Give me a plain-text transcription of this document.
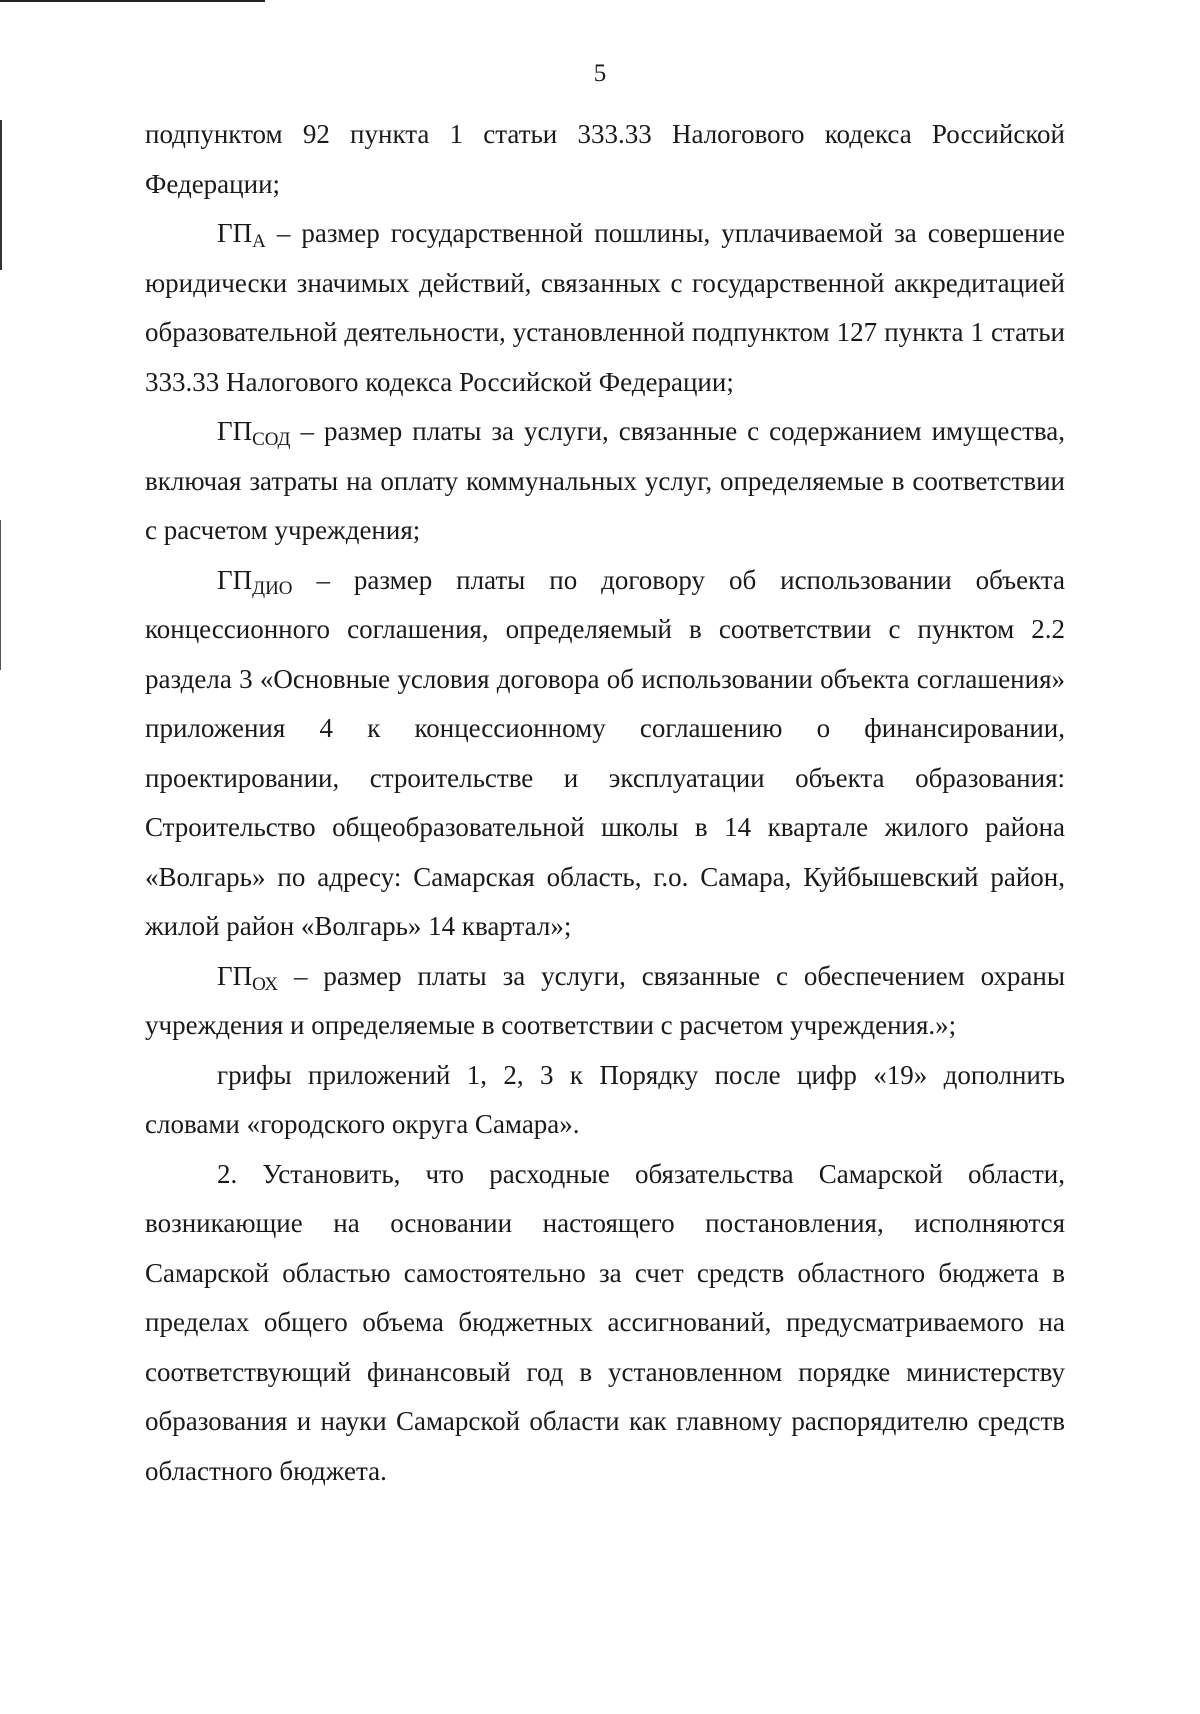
5

подпунктом 92 пункта 1 статьи 333.33 Налогового кодекса Российской Федерации;

$ГП_А$ – размер государственной пошлины, уплачиваемой за совершение юридически значимых действий, связанных с государственной аккредитацией образовательной деятельности, установленной подпунктом 127 пункта 1 статьи 333.33 Налогового кодекса Российской Федерации;

$ГП_{СОД}$ – размер платы за услуги, связанные с содержанием имущества, включая затраты на оплату коммунальных услуг, определяемые в соответствии с расчетом учреждения;

$ГП_{ДИО}$ – размер платы по договору об использовании объекта концессионного соглашения, определяемый в соответствии с пунктом 2.2 раздела 3 «Основные условия договора об использовании объекта соглашения» приложения 4 к концессионному соглашению о финансировании, проектировании, строительстве и эксплуатации объекта образования: Строительство общеобразовательной школы в 14 квартале жилого района «Волгарь» по адресу: Самарская область, г.о. Самара, Куйбышевский район, жилой район «Волгарь» 14 квартал»;

$ГП_{ОХ}$ – размер платы за услуги, связанные с обеспечением охраны учреждения и определяемые в соответствии с расчетом учреждения.»;

грифы приложений 1, 2, 3 к Порядку после цифр «19» дополнить словами «городского округа Самара».

2. Установить, что расходные обязательства Самарской области, возникающие на основании настоящего постановления, исполняются Самарской областью самостоятельно за счет средств областного бюджета в пределах общего объема бюджетных ассигнований, предусматриваемого на соответствующий финансовый год в установленном порядке министерству образования и науки Самарской области как главному распорядителю средств областного бюджета.
